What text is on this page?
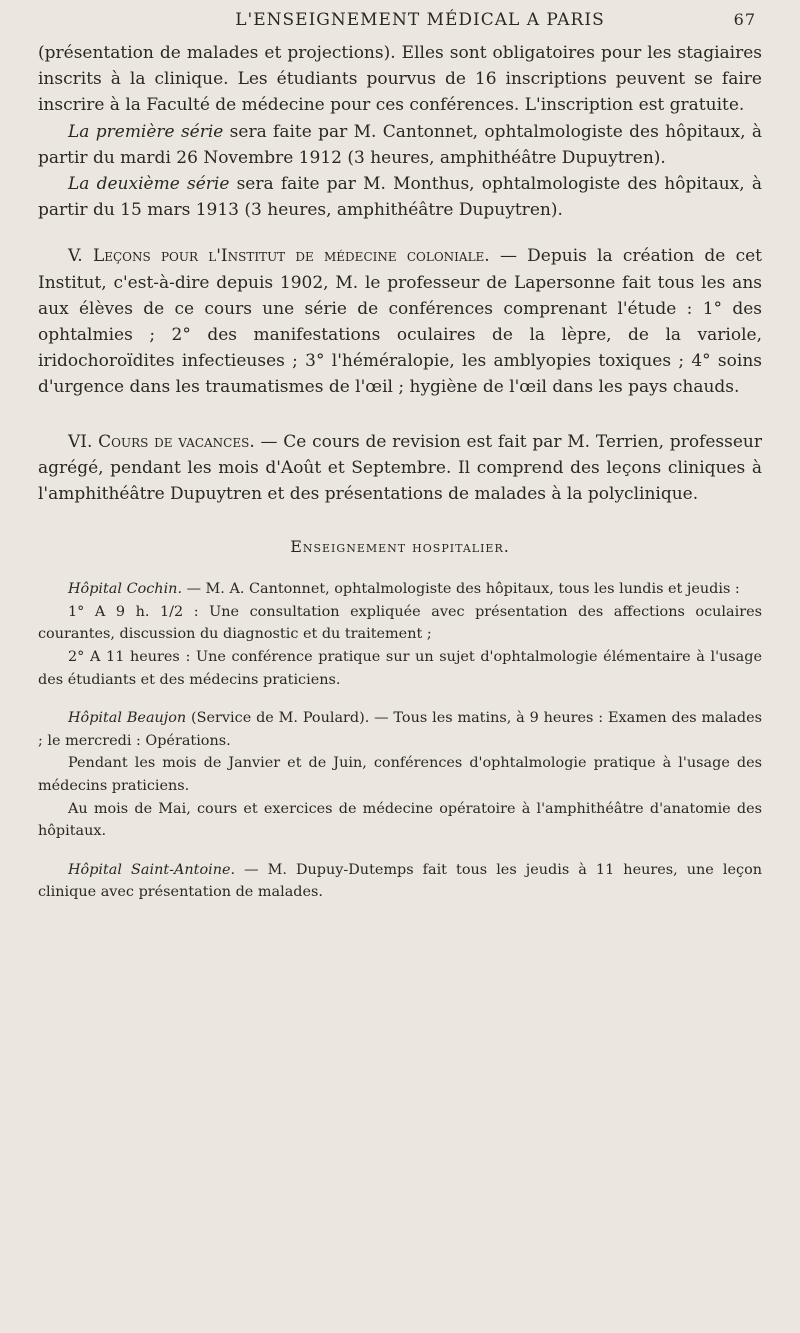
L'ENSEIGNEMENT MÉDICAL A PARIS	67

(présentation de malades et projections). Elles sont obligatoires pour les stagiaires inscrits à la clinique. Les étudiants pourvus de 16 inscriptions peuvent se faire inscrire à la Faculté de médecine pour ces conférences. L'inscription est gratuite.

La première série sera faite par M. Cantonnet, ophtalmologiste des hôpitaux, à partir du mardi 26 Novembre 1912 (3 heures, amphithéâtre Dupuytren).

La deuxième série sera faite par M. Monthus, ophtalmologiste des hôpitaux, à partir du 15 mars 1913 (3 heures, amphithéâtre Dupuytren).

V. Leçons pour l'Institut de médecine coloniale. — Depuis la création de cet Institut, c'est-à-dire depuis 1902, M. le professeur de Lapersonne fait tous les ans aux élèves de ce cours une série de conférences comprenant l'étude : 1° des ophtalmies ; 2° des manifestations oculaires de la lèpre, de la variole, iridochoroïdites infectieuses ; 3° l'héméralopie, les amblyopies toxiques ; 4° soins d'urgence dans les traumatismes de l'œil ; hygiène de l'œil dans les pays chauds.

VI. Cours de vacances. — Ce cours de revision est fait par M. Terrien, professeur agrégé, pendant les mois d'Août et Septembre. Il comprend des leçons cliniques à l'amphithéâtre Dupuytren et des présentations de malades à la polyclinique.

Enseignement hospitalier.

Hôpital Cochin. — M. A. Cantonnet, ophtalmologiste des hôpitaux, tous les lundis et jeudis :

1° A 9 h. 1/2 : Une consultation expliquée avec présentation des affections oculaires courantes, discussion du diagnostic et du traitement ;

2° A 11 heures : Une conférence pratique sur un sujet d'ophtalmologie élémentaire à l'usage des étudiants et des médecins praticiens.

Hôpital Beaujon (Service de M. Poulard). — Tous les matins, à 9 heures : Examen des malades ; le mercredi : Opérations.

Pendant les mois de Janvier et de Juin, conférences d'ophtalmologie pratique à l'usage des médecins praticiens.

Au mois de Mai, cours et exercices de médecine opératoire à l'amphithéâtre d'anatomie des hôpitaux.

Hôpital Saint-Antoine. — M. Dupuy-Dutemps fait tous les jeudis à 11 heures, une leçon clinique avec présentation de malades.
